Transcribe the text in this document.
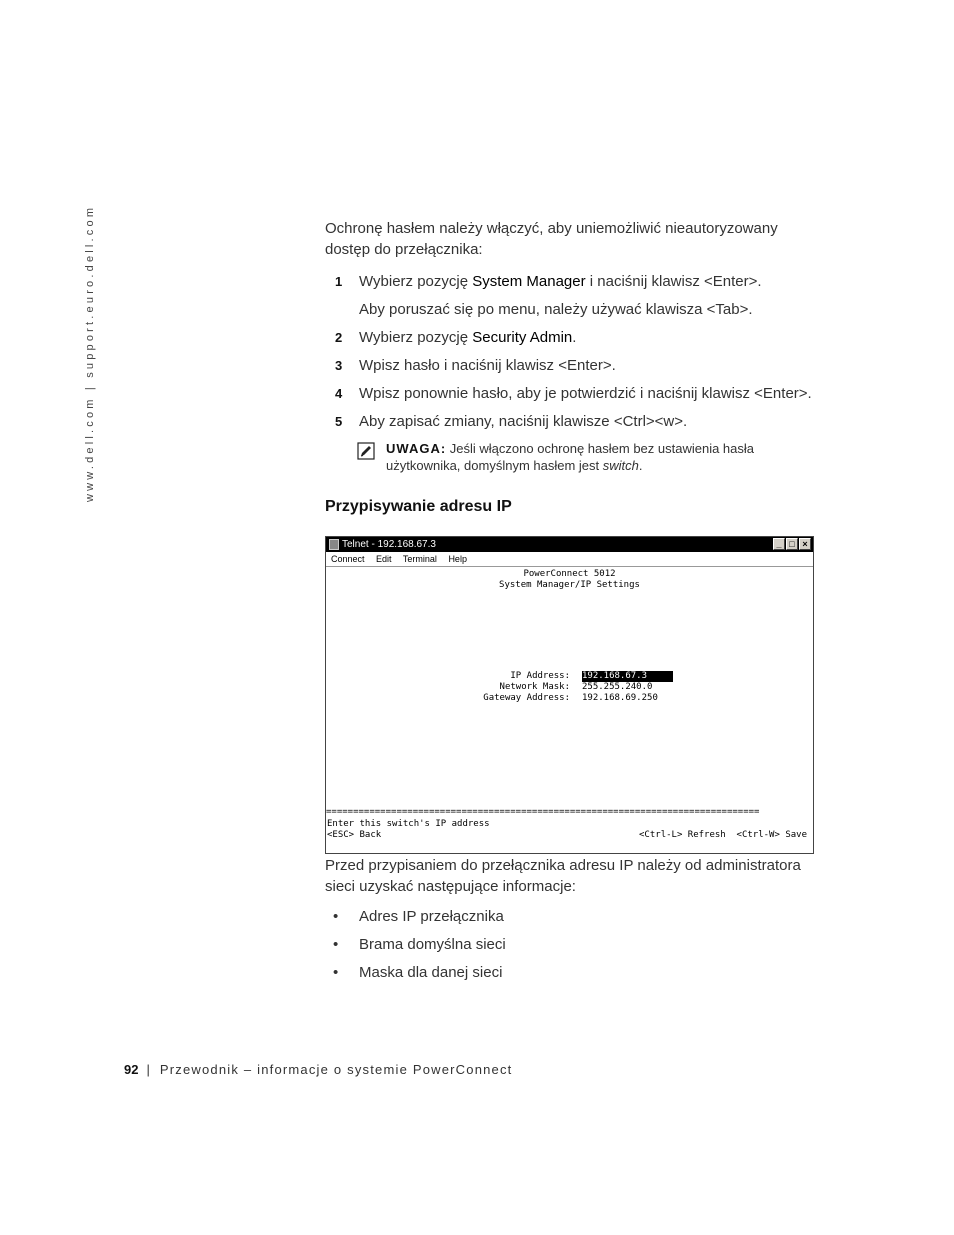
www.dell.com | support.euro.dell.com	Ochronę hasłem należy włączyć, aby uniemożliwić nieautoryzowany dostęp do przełącznika:

1 Wybierz pozycję System Manager i naciśnij klawisz <Enter>.

Aby poruszać się po menu, należy używać klawisza <Tab>.

2 Wybierz pozycję Security Admin.
3 Wpisz hasło i naciśnij klawisz <Enter>.
4 Wpisz ponownie hasło, aby je potwierdzić i naciśnij klawisz <Enter>.
5 Aby zapisać zmiany, naciśnij klawisze <Ctrl><w>.
UWAGA: Jeśli włączono ochronę hasłem bez ustawienia hasła użytkownika, domyślnym hasłem jest switch.
Przypisywanie adresu IP
Telnet - 192.168.67.3	_ □ ×
Connect Edit Terminal Help
PowerConnect 5012
System Manager/IP Settings
IP Address: 192.168.67.3
Network Mask: 255.255.240.0
Gateway Address: 192.168.69.250
================================================================================
Enter this switch's IP address
<ESC> Back	<Ctrl-L> Refresh  <Ctrl-W> Save

Przed przypisaniem do przełącznika adresu IP należy od administratora sieci uzyskać następujące informacje:

• Adres IP przełącznika
• Brama domyślna sieci
• Maska dla danej sieci
92 | Przewodnik – informacje o systemie PowerConnect
